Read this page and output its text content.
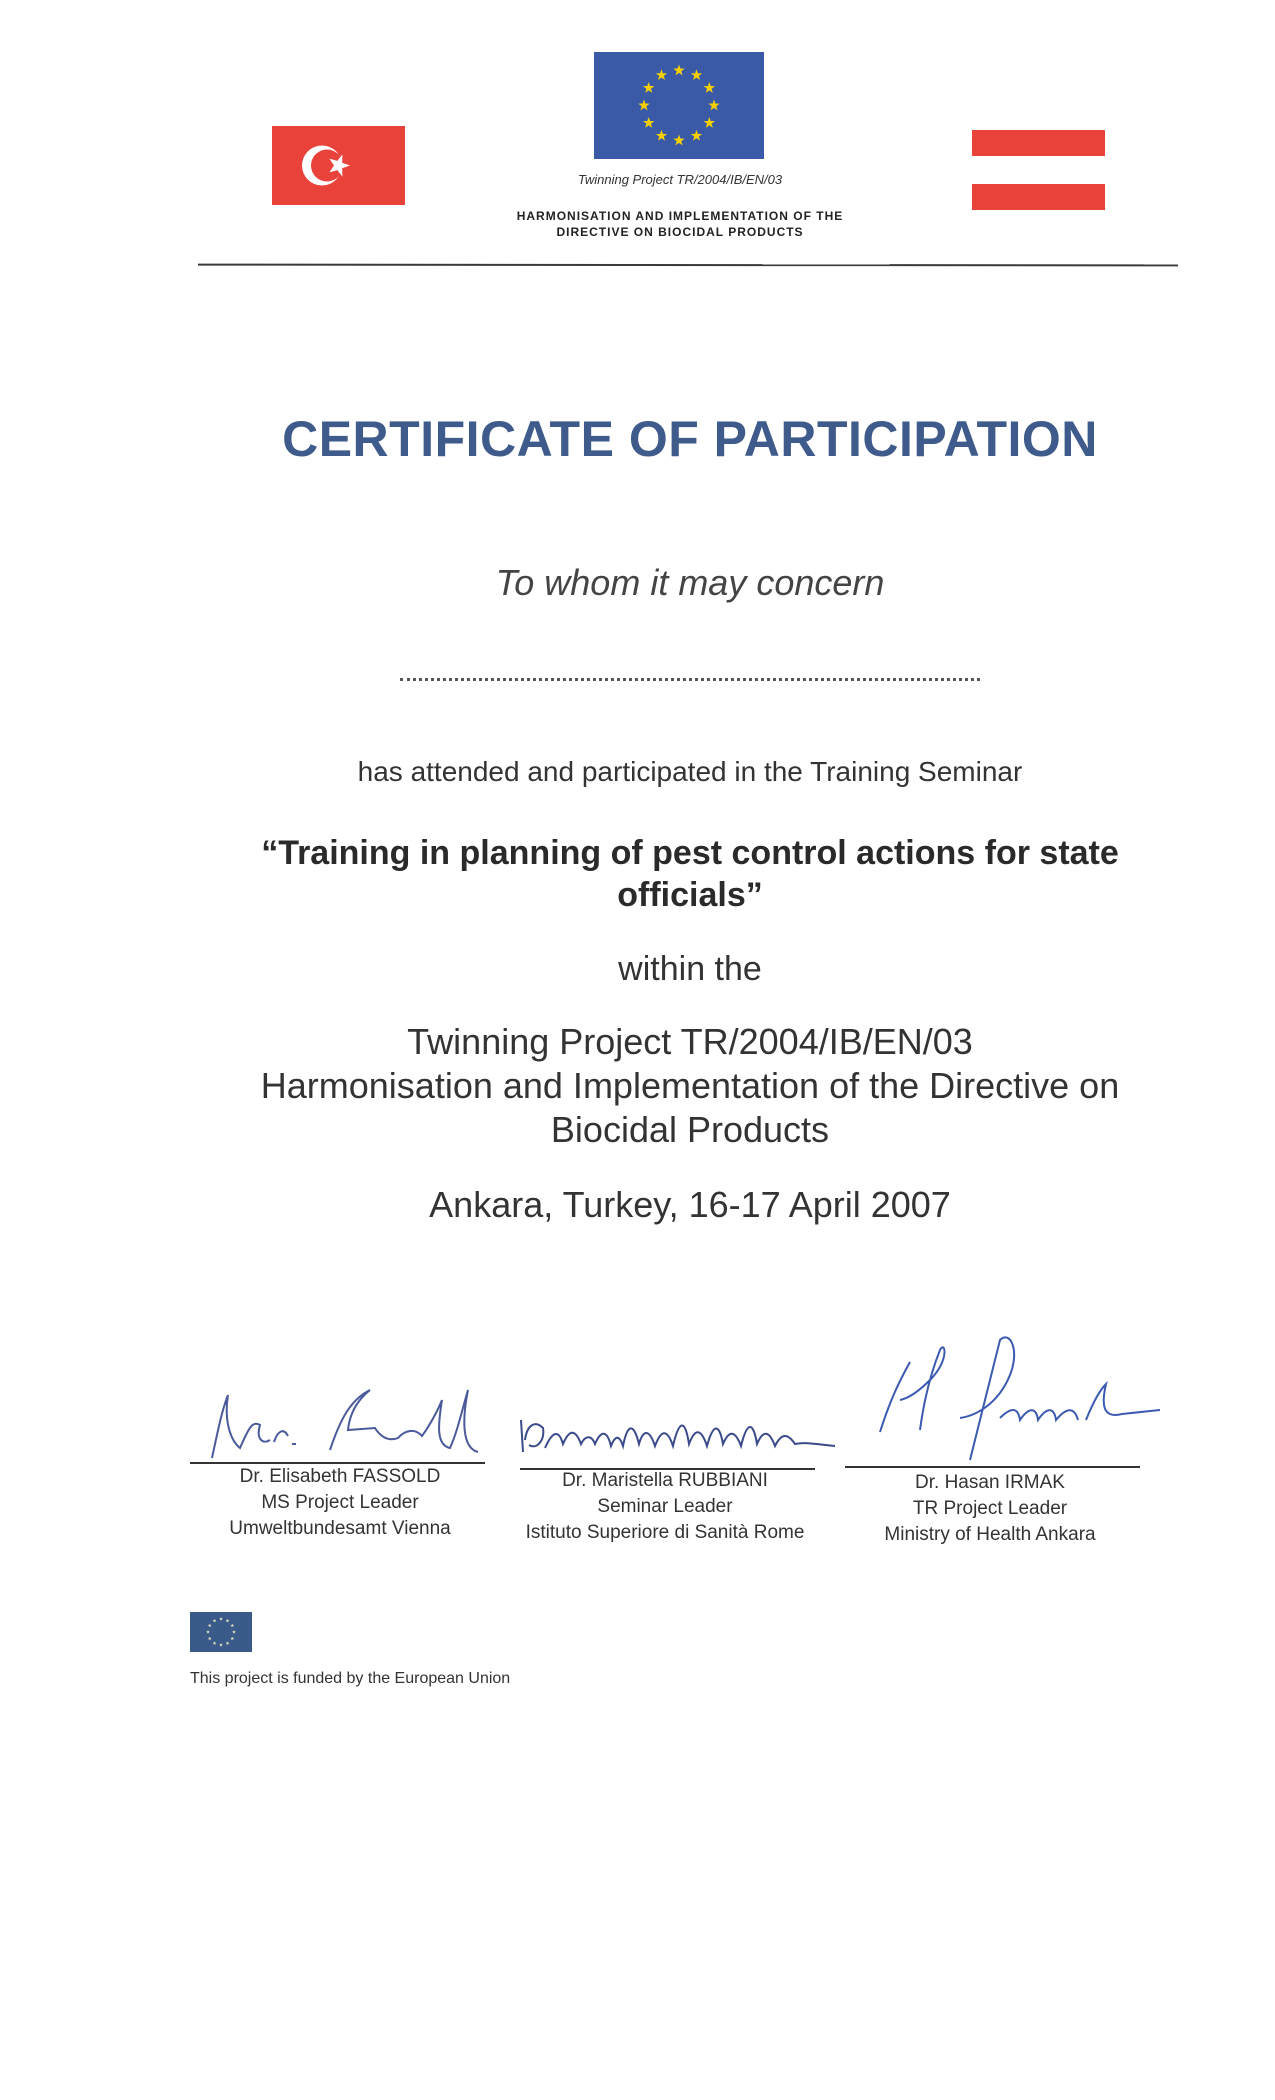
Twinning Project TR/2004/IB/EN/03
HARMONISATION AND IMPLEMENTATION OF THE
DIRECTIVE ON BIOCIDAL PRODUCTS
CERTIFICATE OF PARTICIPATION
To whom it may concern
has attended and participated in the Training Seminar
“Training in planning of pest control actions for state officials”
within the
Twinning Project TR/2004/IB/EN/03
Harmonisation and Implementation of the Directive on
Biocidal Products
Ankara, Turkey, 16-17 April 2007
Dr. Elisabeth FASSOLD
MS Project Leader
Umweltbundesamt Vienna
Dr. Maristella RUBBIANI
Seminar Leader
Istituto Superiore di Sanità Rome
Dr. Hasan IRMAK
TR Project Leader
Ministry of Health Ankara
This project is funded by the European Union
